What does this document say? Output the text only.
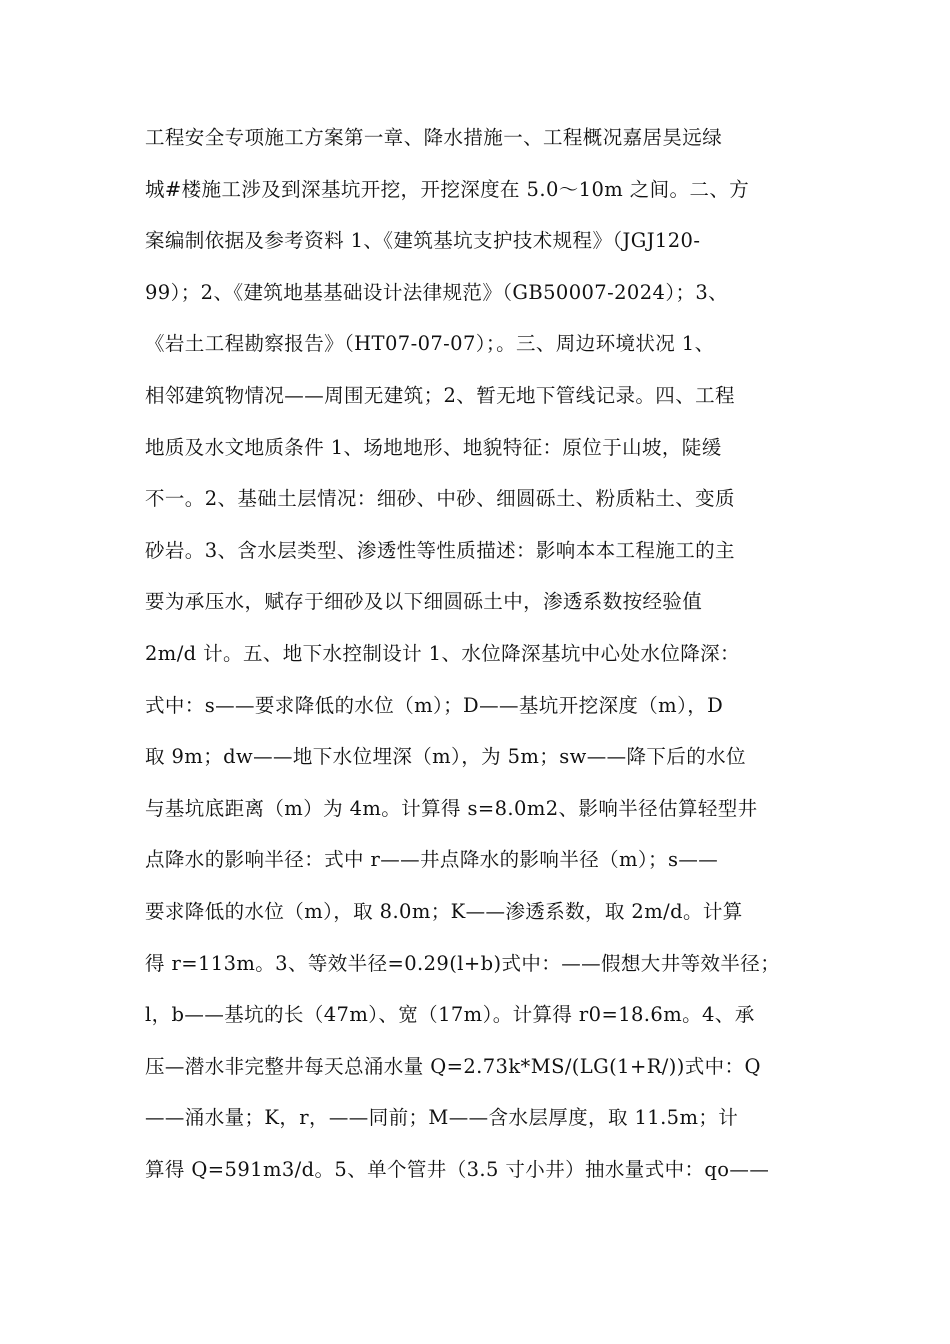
工程安全专项施工方案第一章、降水措施一、工程概况嘉居昊远绿
城#楼施工涉及到深基坑开挖，开挖深度在 5.0～10m 之间。二、方
案编制依据及参考资料 1、《建筑基坑支护技术规程》（JGJ120-
99）；2、《建筑地基基础设计法律规范》（GB50007-2024）；3、
《岩土工程勘察报告》（HT07-07-07）；。三、周边环境状况 1、
相邻建筑物情况——周围无建筑；2、暂无地下管线记录。四、工程
地质及水文地质条件 1、场地地形、地貌特征：原位于山坡，陡缓
不一。2、基础土层情况：细砂、中砂、细圆砾土、粉质粘土、变质
砂岩。3、含水层类型、渗透性等性质描述：影响本本工程施工的主
要为承压水，赋存于细砂及以下细圆砾土中，渗透系数按经验值
2m/d 计。五、地下水控制设计 1、水位降深基坑中心处水位降深：
式中：s——要求降低的水位（m）；D——基坑开挖深度（m），D
取 9m；dw——地下水位埋深（m），为 5m；sw——降下后的水位
与基坑底距离（m）为 4m。计算得 s=8.0m2、影响半径估算轻型井
点降水的影响半径：式中 r——井点降水的影响半径（m）；s——
要求降低的水位（m），取 8.0m；K——渗透系数，取 2m/d。计算
得 r=113m。3、等效半径=0.29(l+b)式中：——假想大井等效半径；
l，b——基坑的长（47m）、宽（17m）。计算得 r0=18.6m。4、承
压—潜水非完整井每天总涌水量 Q=2.73k*MS/(LG(1+R/))式中：Q
——涌水量；K，r，——同前；M——含水层厚度，取 11.5m；计
算得 Q=591m3/d。5、单个管井（3.5 寸小井）抽水量式中：qo——
